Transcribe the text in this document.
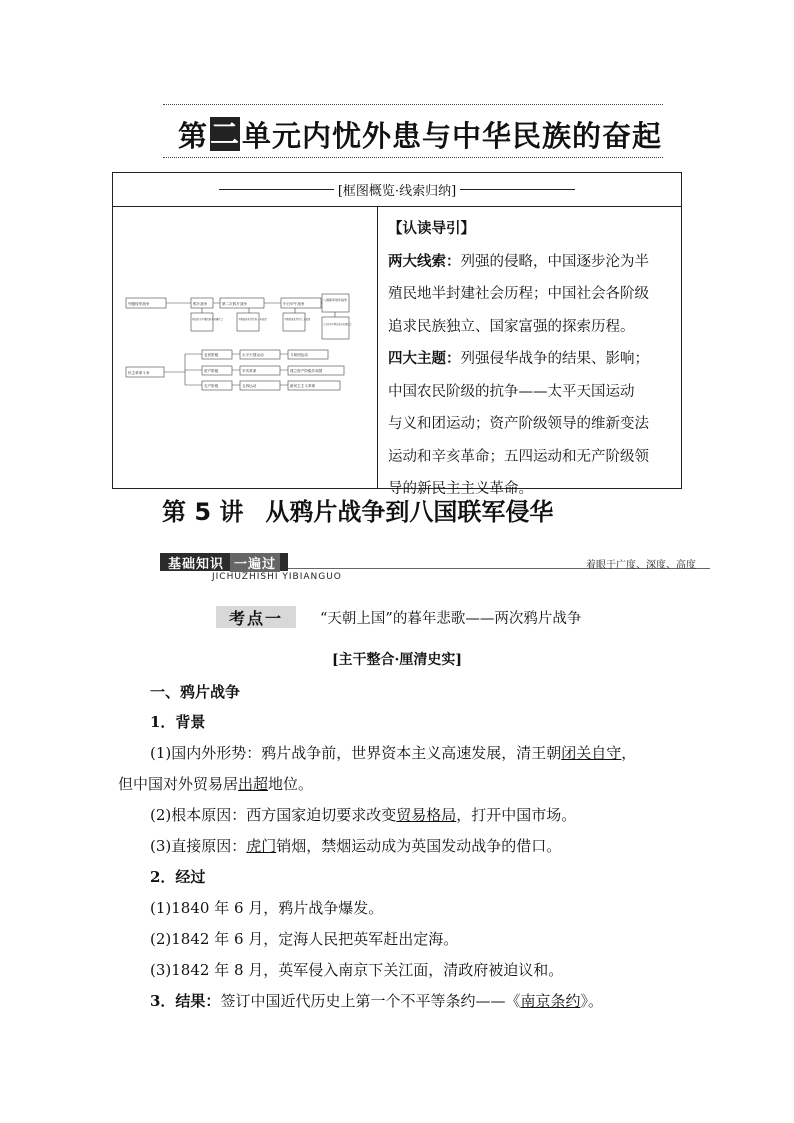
第 二 单元 内忧外患与中华民族的奋起
[框图概览·线索归纳]
【认读导引】
两大线索：列强的侵略，中国逐步沦为半
殖民地半封建社会历程；中国社会各阶级
追求民族独立、国家富强的探索历程。
四大主题：列强侵华战争的结果、影响；
中国农民阶级的抗争——太平天国运动
与义和团运动；资产阶级领导的维新变法
运动和辛亥革命；五四运动和无产阶级领
导的新民主主义革命。
列强侵华战争	鸦片战争	第二次鸦片战争	中日甲午战争
八国联军侵华战争
开始沦为半殖民地半封建社会	半殖民地化程度进一步加深	半殖民地化程度大大加深
完全沦为半殖民地半封建社会
民主革命斗争
农民阶级
资产阶级
无产阶级
太平天国运动
辛亥革命
五四运动
义和团运动
建立资产阶级共和国
新民主主义革命
第 5 讲 从鸦片战争到八国联军侵华
基础知识 一遍过
JICHUZHISHI YIBIANGUO
着眼于广度、深度、高度
考点一	“天朝上国”的暮年悲歌——两次鸦片战争
[主干整合·厘清史实]
一、鸦片战争
1．背景
(1)国内外形势：鸦片战争前，世界资本主义高速发展，清王朝闭关自守，
但中国对外贸易居出超地位。
(2)根本原因：西方国家迫切要求改变贸易格局，打开中国市场。
(3)直接原因：虎门销烟，禁烟运动成为英国发动战争的借口。
2．经过
(1)1840 年 6 月，鸦片战争爆发。
(2)1842 年 6 月，定海人民把英军赶出定海。
(3)1842 年 8 月，英军侵入南京下关江面，清政府被迫议和。
3．结果：签订中国近代历史上第一个不平等条约——《南京条约》。
